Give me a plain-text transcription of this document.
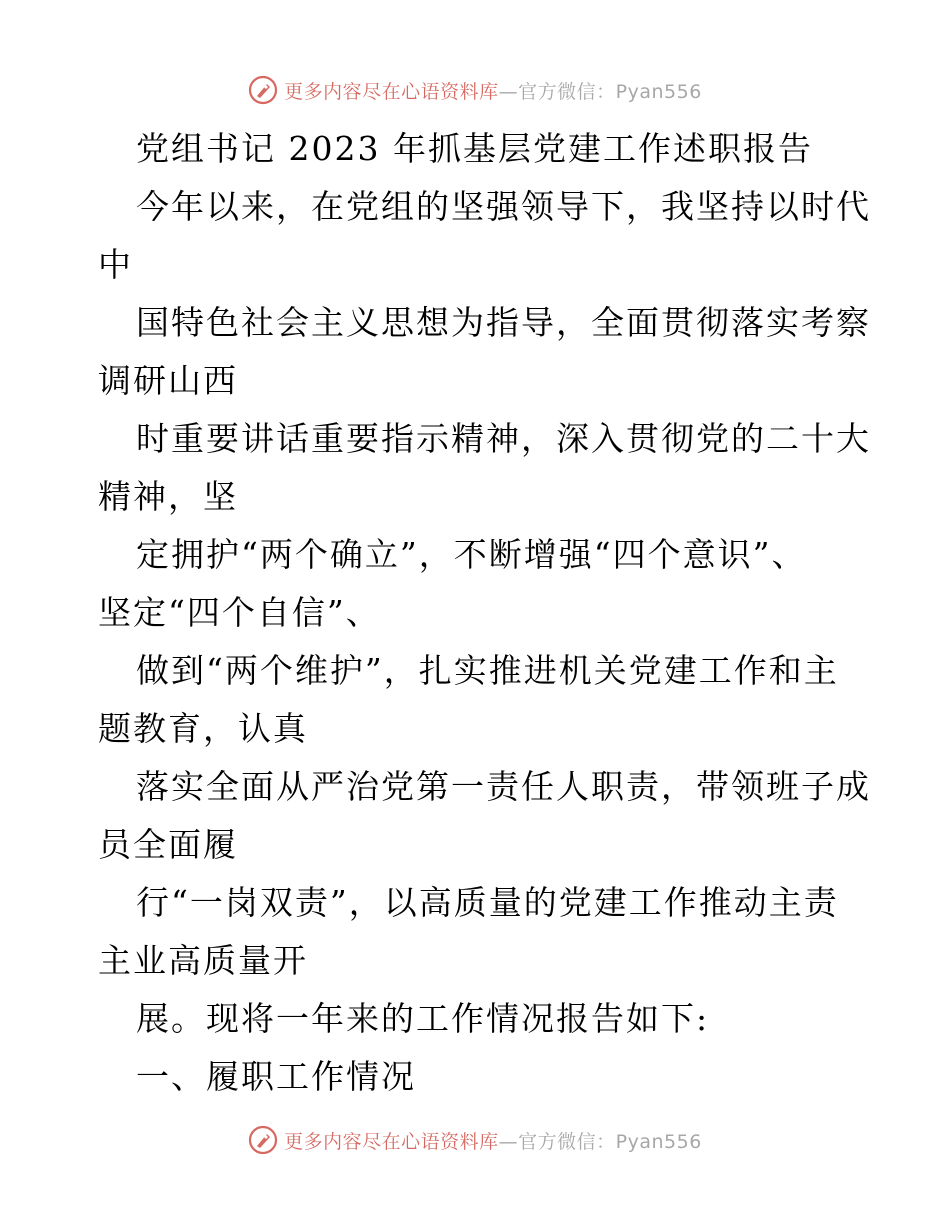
更多内容尽在心语资料库—官方微信：Pyan556
党组书记 2023 年抓基层党建工作述职报告
今年以来，在党组的坚强领导下，我坚持以时代
中
国特色社会主义思想为指导，全面贯彻落实考察
调研山西
时重要讲话重要指示精神，深入贯彻党的二十大
精神，坚
定拥护“两个确立”，不断增强“四个意识”、
坚定“四个自信”、
做到“两个维护”，扎实推进机关党建工作和主
题教育，认真
落实全面从严治党第一责任人职责，带领班子成
员全面履
行“一岗双责”，以高质量的党建工作推动主责
主业高质量开
展。现将一年来的工作情况报告如下:
一、履职工作情况
更多内容尽在心语资料库—官方微信：Pyan556
